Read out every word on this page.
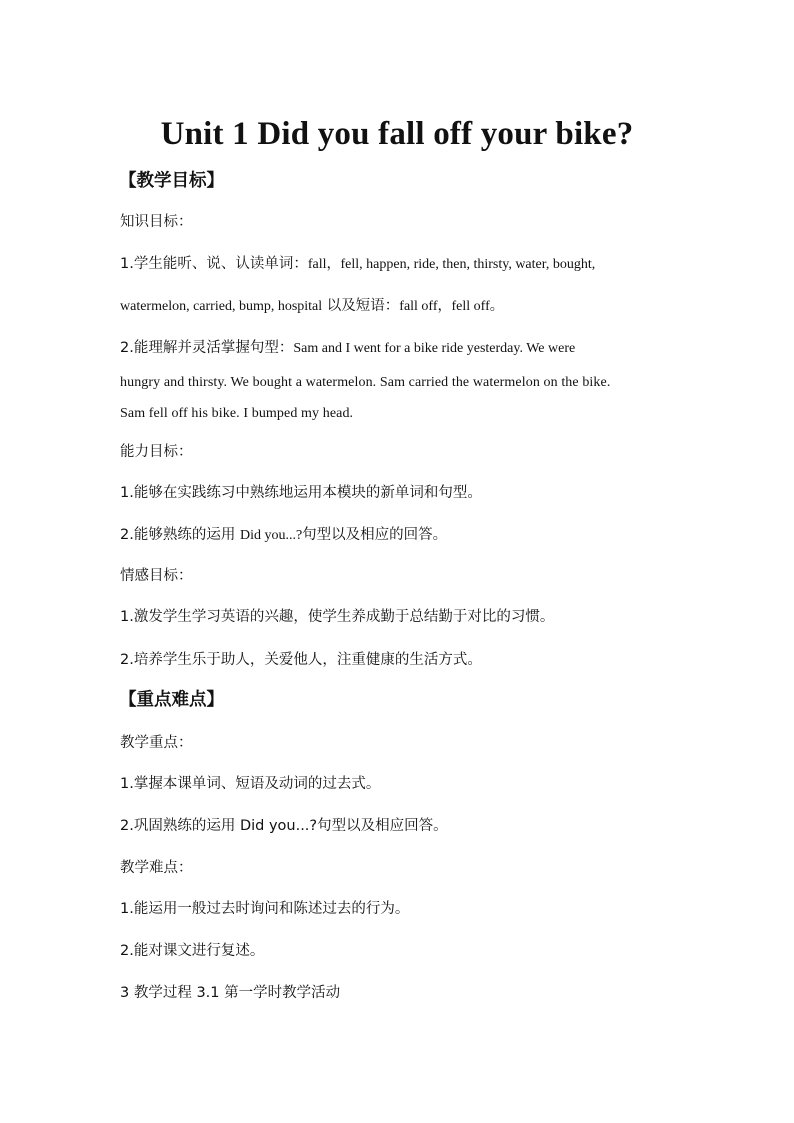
Unit 1 Did you fall off your bike?
【教学目标】
知识目标：
1.学生能听、说、认读单词：fall，fell, happen, ride, then, thirsty, water, bought,
watermelon, carried, bump, hospital 以及短语：fall off，fell off。
2.能理解并灵活掌握句型：Sam and I went for a bike ride yesterday. We were
hungry and thirsty. We bought a watermelon. Sam carried the watermelon on the bike.
Sam fell off his bike. I bumped my head.
能力目标：
1.能够在实践练习中熟练地运用本模块的新单词和句型。
2.能够熟练的运用 Did you...?句型以及相应的回答。
情感目标：
1.激发学生学习英语的兴趣，使学生养成勤于总结勤于对比的习惯。
2.培养学生乐于助人，关爱他人，注重健康的生活方式。
【重点难点】
教学重点：
1.掌握本课单词、短语及动词的过去式。
2.巩固熟练的运用 Did you...?句型以及相应回答。
教学难点：
1.能运用一般过去时询问和陈述过去的行为。
2.能对课文进行复述。
3 教学过程 3.1 第一学时教学活动
